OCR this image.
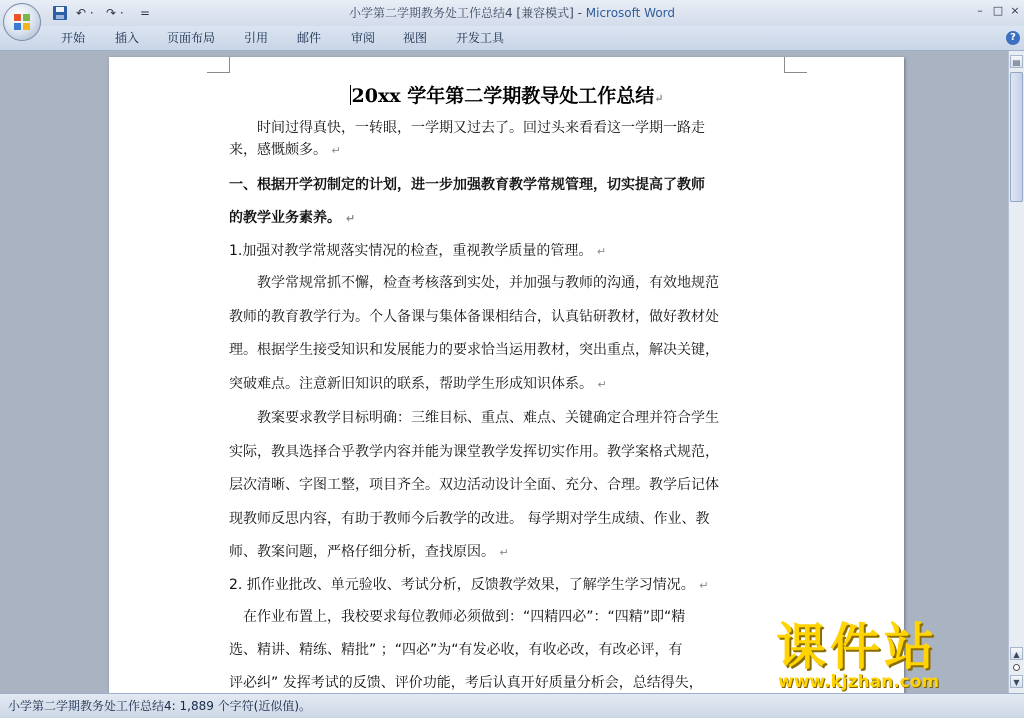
小学第二学期教务处工作总结4 [兼容模式] - Microsoft Word
↶ · ↷ · =	– □ ×
开始 插入 页面布局 引用 邮件 审阅 视图 开发工具	?
20xx 学年第二学期教导处工作总结↵
　　时间过得真快，一转眼，一学期又过去了。回过头来看看这一学期一路走
来，感慨颇多。 ↵
一、根据开学初制定的计划，进一步加强教育教学常规管理，切实提高了教师
的教学业务素养。 ↵
1.加强对教学常规落实情况的检查，重视教学质量的管理。 ↵
　　教学常规常抓不懈，检查考核落到实处，并加强与教师的沟通，有效地规范
教师的教育教学行为。个人备课与集体备课相结合，认真钻研教材，做好教材处
理。根据学生接受知识和发展能力的要求恰当运用教材，突出重点，解决关键，
突破难点。注意新旧知识的联系，帮助学生形成知识体系。 ↵
　　教案要求教学目标明确：三维目标、重点、难点、关键确定合理并符合学生
实际，教具选择合乎教学内容并能为课堂教学发挥切实作用。教学案格式规范，
层次清晰、字图工整，项目齐全。双边活动设计全面、充分、合理。教学后记体
现教师反思内容，有助于教师今后教学的改进。 每学期对学生成绩、作业、教
师、教案问题，严格仔细分析，查找原因。 ↵
2. 抓作业批改、单元验收、考试分析，反馈教学效果，了解学生学习情况。 ↵
　在作业布置上，我校要求每位教师必须做到：“四精四必”：“四精”即“精
选、精讲、精练、精批” ；“四必”为“有发必收，有收必改，有改必评，有
评必纠” 发挥考试的反馈、评价功能，考后认真开好质量分析会，总结得失，
▤
▲
▼
课件站
www.kjzhan.com
小学第二学期教务处工作总结4: 1,889 个字符(近似值)。
